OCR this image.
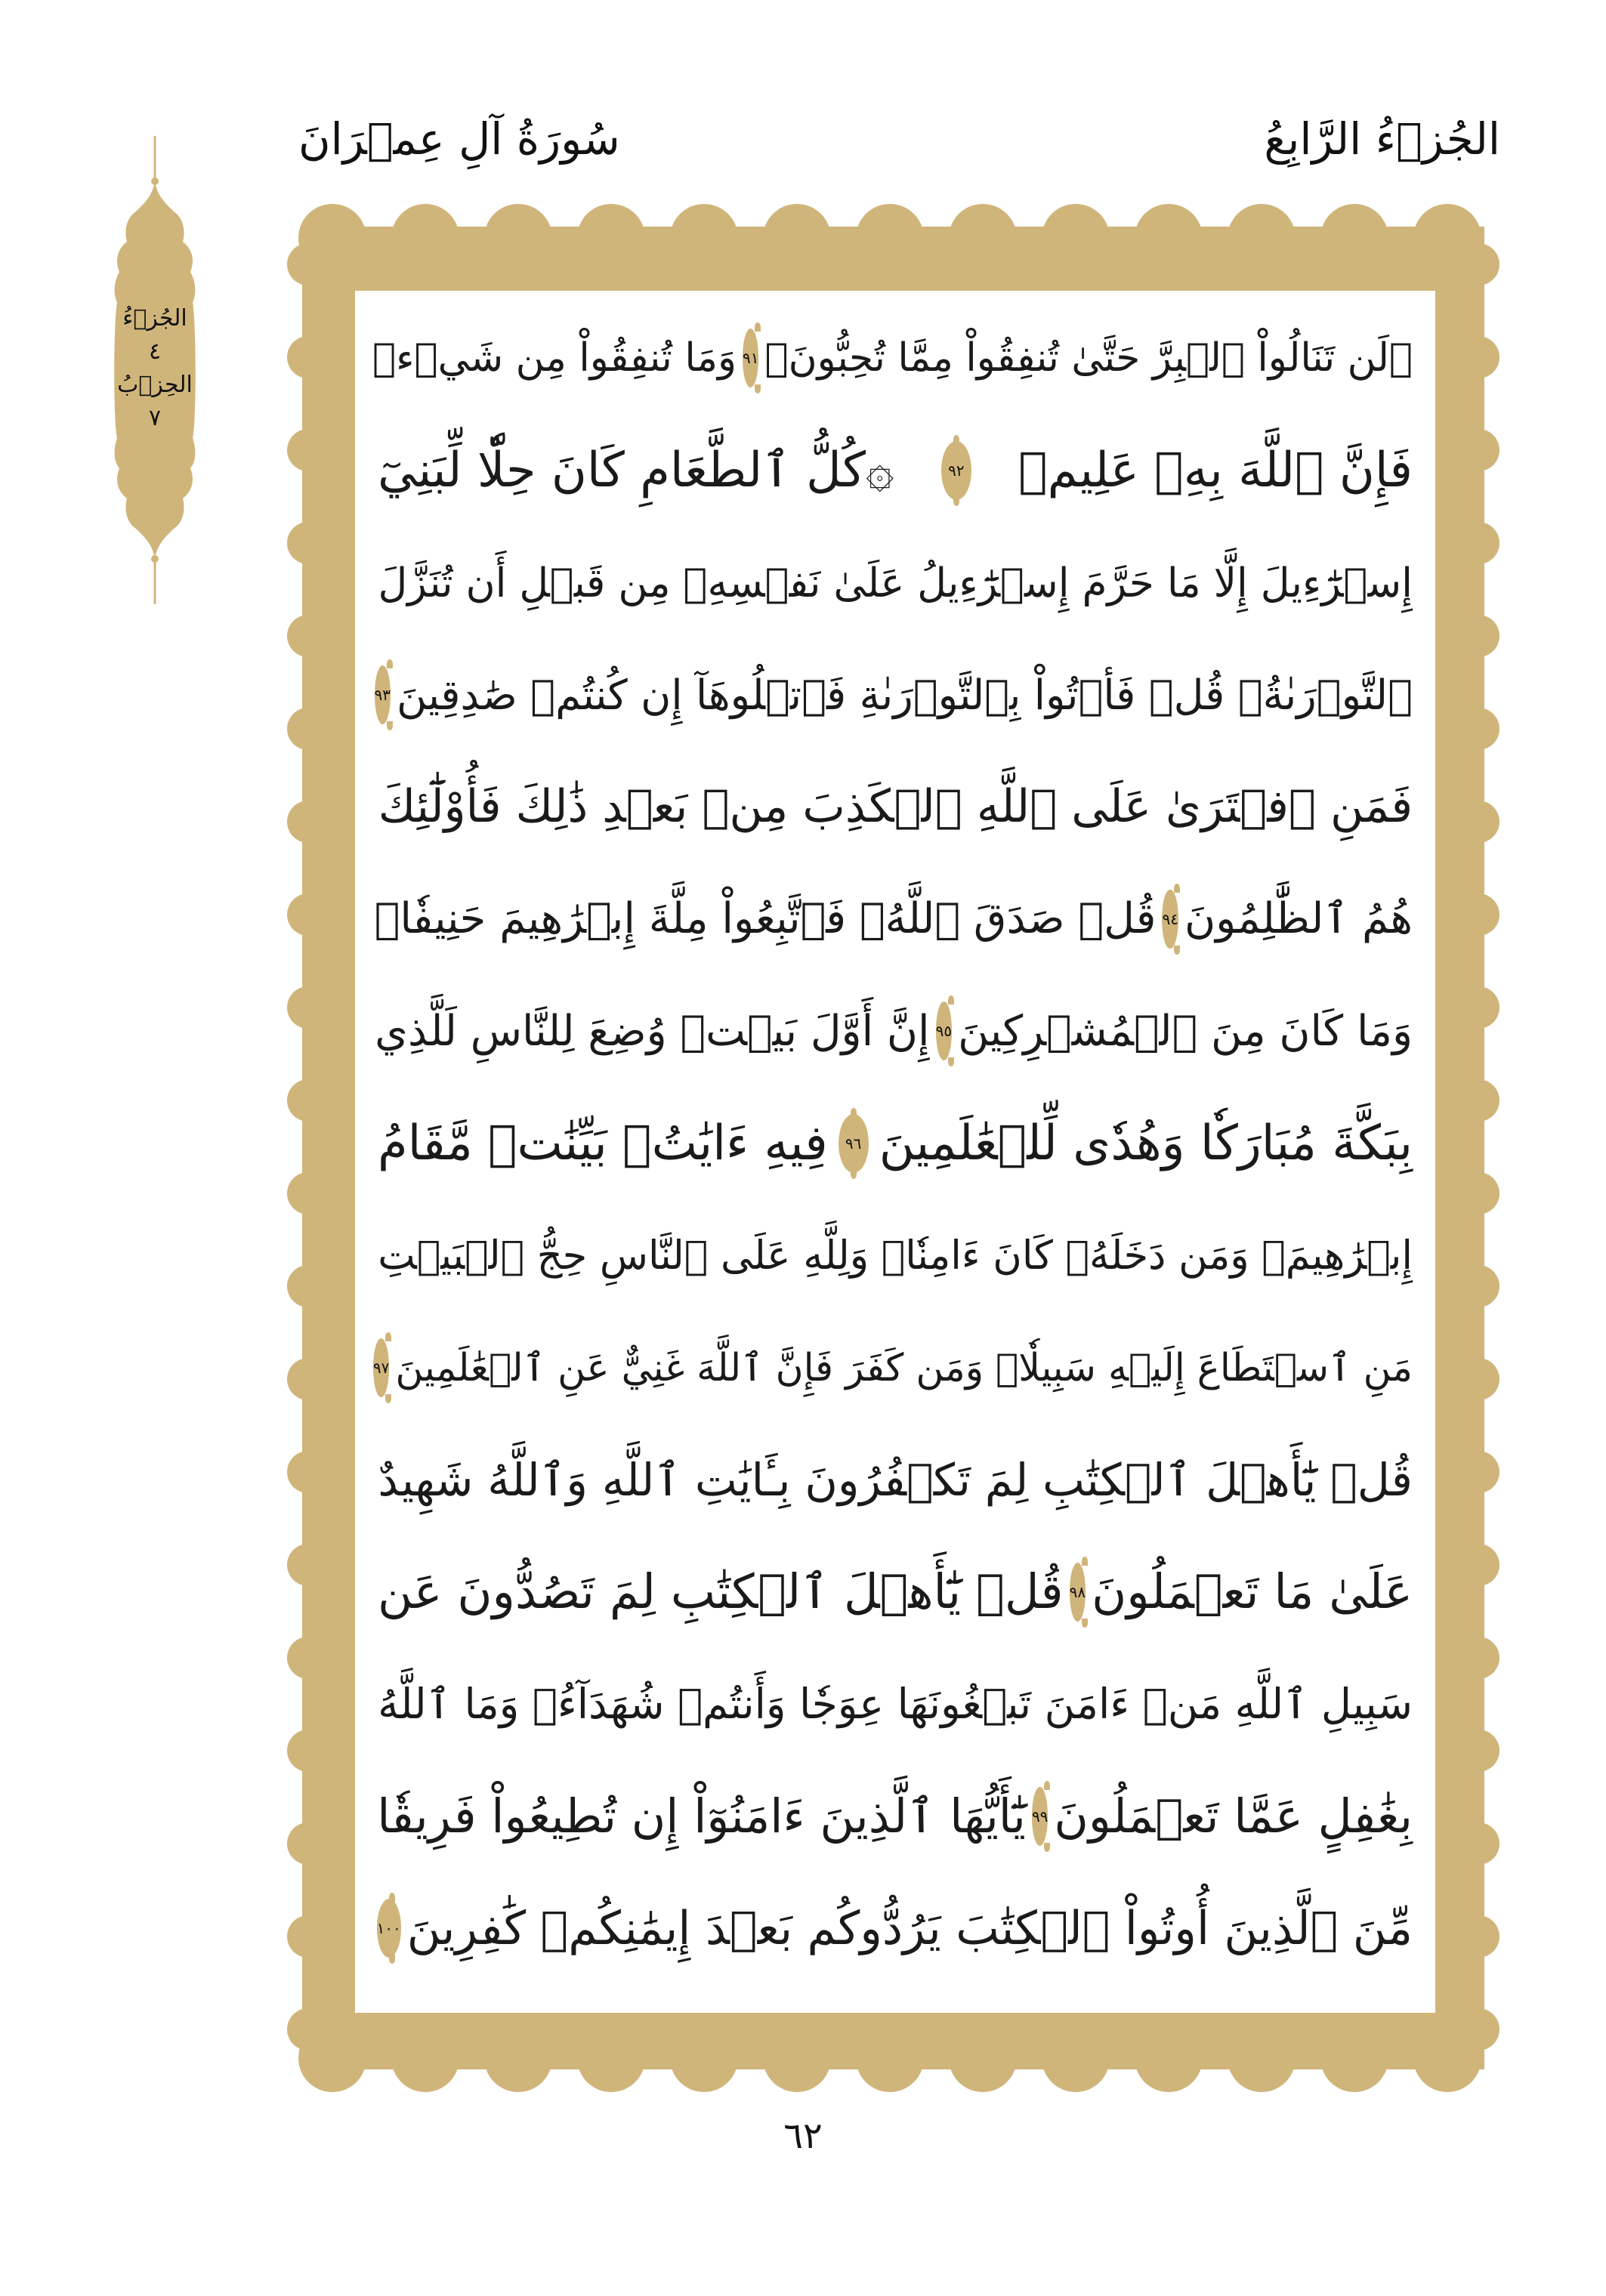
سُورَةُ آلِ عِمۡرَانَ	الجُزۡءُ الرَّابِعُ
الجُزۡءُ ٤
الحِزۡبُ ٧
۞لَن تَنَالُواْ ٱلۡبِرَّ حَتَّىٰ تُنفِقُواْ مِمَّا تُحِبُّونَۚ
٩١
وَمَا تُنفِقُواْ مِن شَيۡءٖ
فَإِنَّ ٱللَّهَ بِهِۦ عَلِيمٞ
٩٢
۞كُلُّ ٱلطَّعَامِ كَانَ حِلّٗا لِّبَنِيٓ
إِسۡرَٰٓءِيلَ إِلَّا مَا حَرَّمَ إِسۡرَٰٓءِيلُ عَلَىٰ نَفۡسِهِۦ مِن قَبۡلِ أَن تُنَزَّلَ
ٱلتَّوۡرَىٰةُۚ قُلۡ فَأۡتُواْ بِٱلتَّوۡرَىٰةِ فَٱتۡلُوهَآ إِن كُنتُمۡ صَٰدِقِينَ
٩٣
فَمَنِ ٱفۡتَرَىٰ عَلَى ٱللَّهِ ٱلۡكَذِبَ مِنۢ بَعۡدِ ذَٰلِكَ فَأُوْلَٰٓئِكَ
هُمُ ٱلظَّٰلِمُونَ
٩٤
قُلۡ صَدَقَ ٱللَّهُۗ فَٱتَّبِعُواْ مِلَّةَ إِبۡرَٰهِيمَ حَنِيفٗاۖ
وَمَا كَانَ مِنَ ٱلۡمُشۡرِكِينَ
٩٥
إِنَّ أَوَّلَ بَيۡتٖ وُضِعَ لِلنَّاسِ لَلَّذِي
بِبَكَّةَ مُبَارَكٗا وَهُدٗى لِّلۡعَٰلَمِينَ
٩٦
فِيهِ ءَايَٰتُۢ بَيِّنَٰتٞ مَّقَامُ
إِبۡرَٰهِيمَۖ وَمَن دَخَلَهُۥ كَانَ ءَامِنٗاۗ وَلِلَّهِ عَلَى ٱلنَّاسِ حِجُّ ٱلۡبَيۡتِ
مَنِ ٱسۡتَطَاعَ إِلَيۡهِ سَبِيلٗاۚ وَمَن كَفَرَ فَإِنَّ ٱللَّهَ غَنِيٌّ عَنِ ٱلۡعَٰلَمِينَ
٩٧
قُلۡ يَٰٓأَهۡلَ ٱلۡكِتَٰبِ لِمَ تَكۡفُرُونَ بِـَٔايَٰتِ ٱللَّهِ وَٱللَّهُ شَهِيدٌ
عَلَىٰ مَا تَعۡمَلُونَ
٩٨
قُلۡ يَٰٓأَهۡلَ ٱلۡكِتَٰبِ لِمَ تَصُدُّونَ عَن
سَبِيلِ ٱللَّهِ مَنۡ ءَامَنَ تَبۡغُونَهَا عِوَجٗا وَأَنتُمۡ شُهَدَآءُۗ وَمَا ٱللَّهُ
بِغَٰفِلٍ عَمَّا تَعۡمَلُونَ
٩٩
يَٰٓأَيُّهَا ٱلَّذِينَ ءَامَنُوٓاْ إِن تُطِيعُواْ فَرِيقٗا
مِّنَ ٱلَّذِينَ أُوتُواْ ٱلۡكِتَٰبَ يَرُدُّوكُم بَعۡدَ إِيمَٰنِكُمۡ كَٰفِرِينَ
١٠٠
٦٢
